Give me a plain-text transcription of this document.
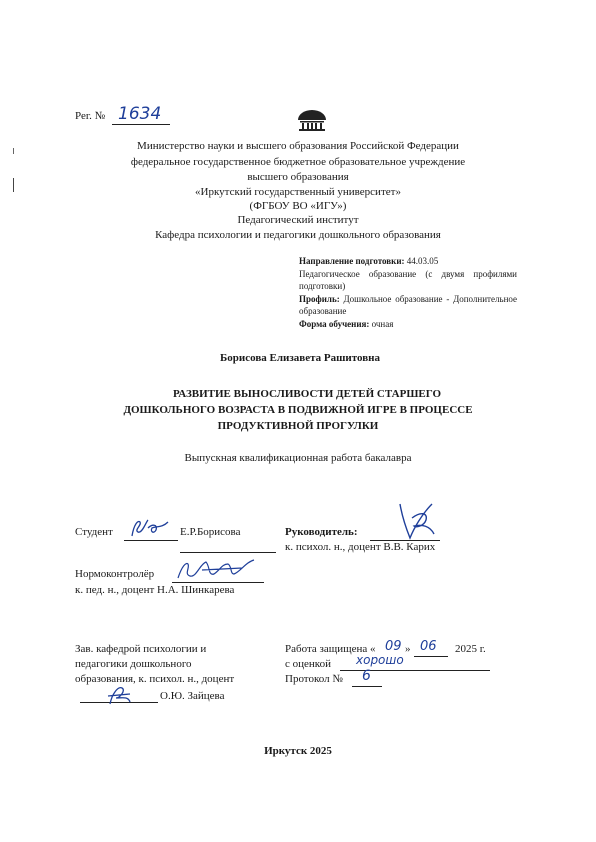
Рег. № 1634
Министерство науки и высшего образования Российской Федерации
федеральное государственное бюджетное образовательное учреждение
высшего образования
«Иркутский государственный университет»
(ФГБОУ ВО «ИГУ»)
Педагогический институт
Кафедра психологии и педагогики дошкольного образования
Направление подготовки: 44.03.05
Педагогическое образование (с двумя профилями подготовки)
Профиль: Дошкольное образование - Дополнительное образование
Форма обучения: очная
Борисова Елизавета Рашитовна
РАЗВИТИЕ ВЫНОСЛИВОСТИ ДЕТЕЙ СТАРШЕГО
ДОШКОЛЬНОГО ВОЗРАСТА В ПОДВИЖНОЙ ИГРЕ В ПРОЦЕССЕ
ПРОДУКТИВНОЙ ПРОГУЛКИ
Выпускная квалификационная работа бакалавра
Студент	Е.Р.Борисова	Руководитель:
к. психол. н., доцент В.В. Карих
Нормоконтролёр
к. пед. н., доцент Н.А. Шинкарева
Зав. кафедрой психологии и
педагогики дошкольного
образования, к. психол. н., доцент
О.Ю. Зайцева
Работа защищена « 09 » 06 2025 г.
с оценкой хорошо
Протокол № 6
Иркутск 2025
